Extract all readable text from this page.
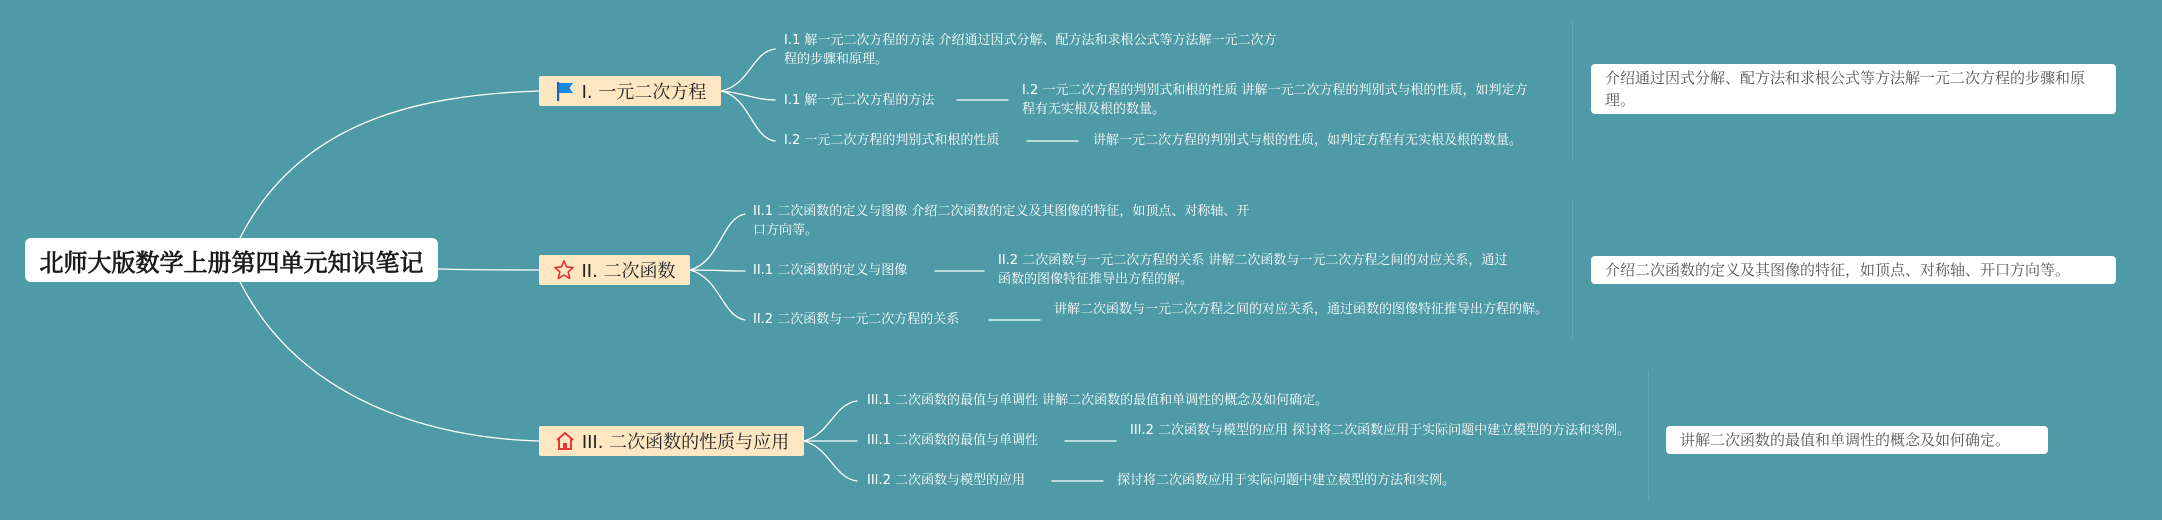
北师大版数学上册第四单元知识笔记
I. 一元二次方程
II. 二次函数
III. 二次函数的性质与应用
I.1 解一元二次方程的方法 介绍通过因式分解、配方法和求根公式等方法解一元二次方程的步骤和原理。
I.1 解一元二次方程的方法
I.2 一元二次方程的判别式和根的性质 讲解一元二次方程的判别式与根的性质，如判定方程有无实根及根的数量。
I.2 一元二次方程的判别式和根的性质	讲解一元二次方程的判别式与根的性质，如判定方程有无实根及根的数量。
II.1 二次函数的定义与图像 介绍二次函数的定义及其图像的特征，如顶点、对称轴、开口方向等。
II.1 二次函数的定义与图像
II.2 二次函数与一元二次方程的关系 讲解二次函数与一元二次方程之间的对应关系，通过函数的图像特征推导出方程的解。
II.2 二次函数与一元二次方程的关系
讲解二次函数与一元二次方程之间的对应关系，通过函数的图像特征推导出方程的解。
III.1 二次函数的最值与单调性 讲解二次函数的最值和单调性的概念及如何确定。
III.1 二次函数的最值与单调性
III.2 二次函数与模型的应用 探讨将二次函数应用于实际问题中建立模型的方法和实例。
III.2 二次函数与模型的应用	探讨将二次函数应用于实际问题中建立模型的方法和实例。
介绍通过因式分解、配方法和求根公式等方法解一元二次方程的步骤和原理。
介绍二次函数的定义及其图像的特征，如顶点、对称轴、开口方向等。
讲解二次函数的最值和单调性的概念及如何确定。
